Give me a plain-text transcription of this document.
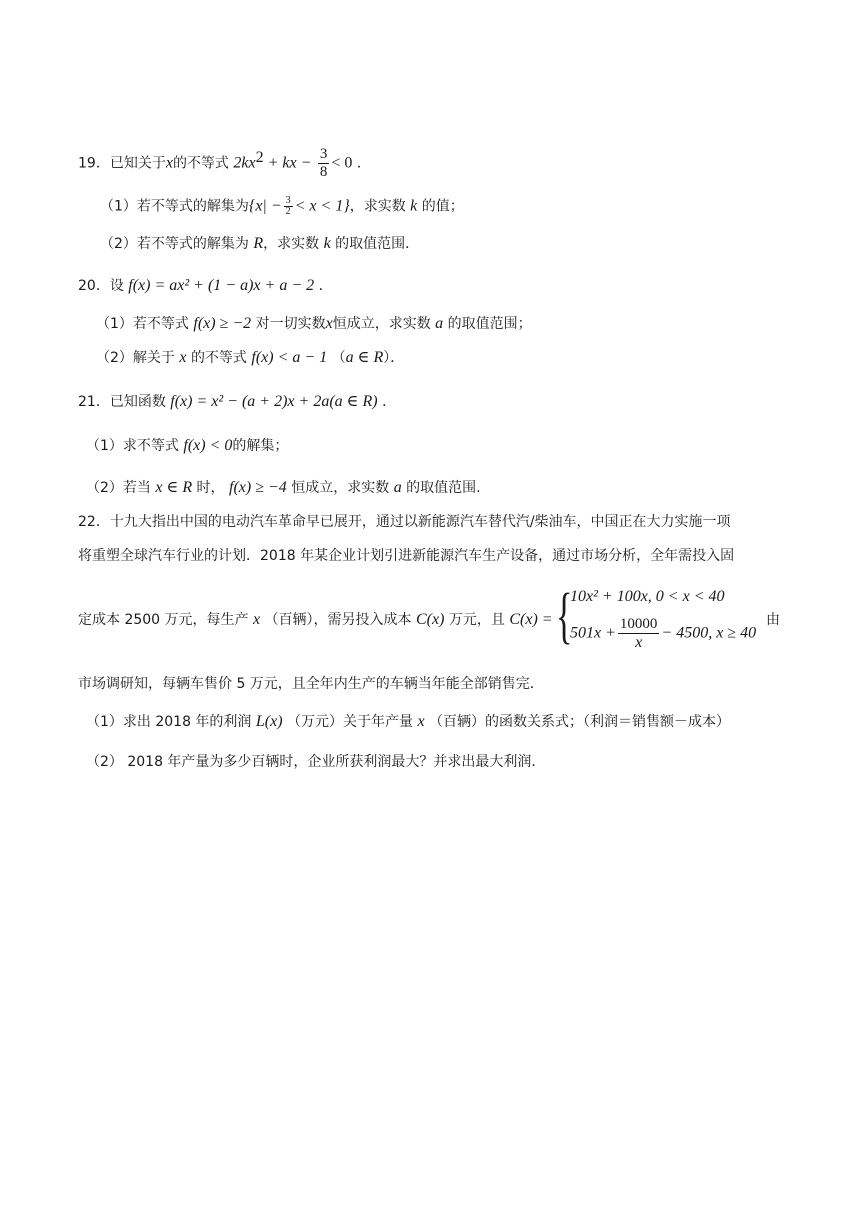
19．已知关于x的不等式 $2kx^2$ + kx − $\frac{3}{8} < 0$ ．
（1）若不等式的解集为$\{x| - \frac{3}{2} < x < 1\}$，求实数 k 的值；
（2）若不等式的解集为 R，求实数 k 的取值范围．
20．设 f(x) = ax² + (1 − a)x + a − 2 ．
（1）若不等式 f(x) ≥ −2 对一切实数x恒成立，求实数 a 的取值范围；
（2）解关于 x 的不等式 f(x) < a − 1 （a ∈ R）．
21．已知函数 f(x) = x² − (a + 2)x + 2a(a ∈ R) ．
（1）求不等式 f(x) < 0的解集；
（2）若当 x ∈ R 时， f(x) ≥ −4 恒成立，求实数 a 的取值范围.
22．十九大指出中国的电动汽车革命早已展开，通过以新能源汽车替代汽/柴油车，中国正在大力实施一项
将重塑全球汽车行业的计划．2018 年某企业计划引进新能源汽车生产设备，通过市场分析，全年需投入固
定成本 2500 万元，每生产 x （百辆），需另投入成本 C(x) 万元，且 C(x) = {
10x² + 100x, 0 < x < 40
$501x + \frac{10000}{x} - 4500$, x ≥ 40
由
市场调研知，每辆车售价 5 万元，且全年内生产的车辆当年能全部销售完．
（1）求出 2018 年的利润 L(x) （万元）关于年产量 x （百辆）的函数关系式；（利润＝销售额－成本）
（2） 2018 年产量为多少百辆时，企业所获利润最大？并求出最大利润．
